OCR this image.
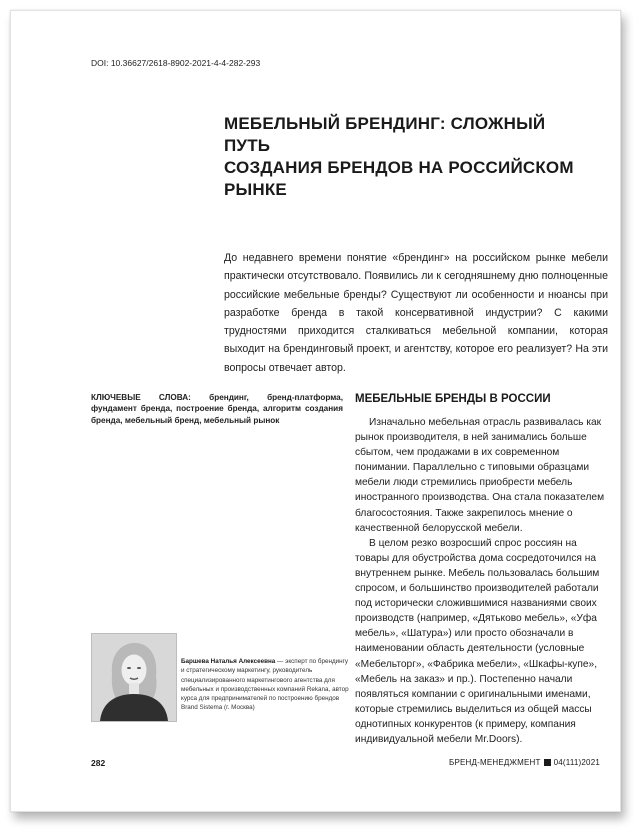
DOI: 10.36627/2618-8902-2021-4-4-282-293
МЕБЕЛЬНЫЙ БРЕНДИНГ: СЛОЖНЫЙ ПУТЬ
СОЗДАНИЯ БРЕНДОВ НА РОССИЙСКОМ
РЫНКЕ

До недавнего времени понятие «брендинг» на российском рынке мебели практически отсутствовало. Появились ли к сегодняшнему дню полноценные российские мебельные бренды? Существуют ли особенности и нюансы при разработке бренда в такой консервативной индустрии? С какими трудностями приходится сталкиваться мебельной компании, которая выходит на брендинговый проект, и агентству, которое его реализует? На эти вопросы отвечает автор.

КЛЮЧЕВЫЕ СЛОВА: брендинг, бренд-платформа, фундамент бренда, построение бренда, алгоритм создания бренда, мебельный бренд, мебельный рынок

МЕБЕЛЬНЫЕ БРЕНДЫ В РОССИИ

Изначально мебельная отрасль развивалась как рынок производителя, в ней занимались больше сбытом, чем продажами в их современном понимании. Параллельно с типовыми образцами мебели люди стремились приобрести мебель иностранного производства. Она стала показателем благосостояния. Также закрепилось мнение о качественной белорусской мебели.

В целом резко возросший спрос россиян на товары для обустройства дома сосредоточился на внутреннем рынке. Мебель пользовалась большим спросом, и большинство производителей работали под исторически сложившимися названиями своих производств (например, «Дятьково мебель», «Уфа мебель», «Шатура») или просто обозначали в наименовании область деятельности (условные «Мебельторг», «Фабрика мебели», «Шкафы-купе», «Мебель на заказ» и пр.). Постепенно начали появляться компании с оригинальными именами, которые стремились выделиться из общей массы однотипных конкурентов (к примеру, компания индивидуальной мебели Mr.Doors).

Баршева Наталья Алексеевна — эксперт по брендингу и стратегическому маркетингу, руководитель специализированного маркетингового агентства для мебельных и производственных компаний Rekana, автор курса для предпринимателей по построению брендов Brand Sistema (г. Москва)

282	БРЕНД-МЕНЕДЖМЕНТ 04(111)2021
